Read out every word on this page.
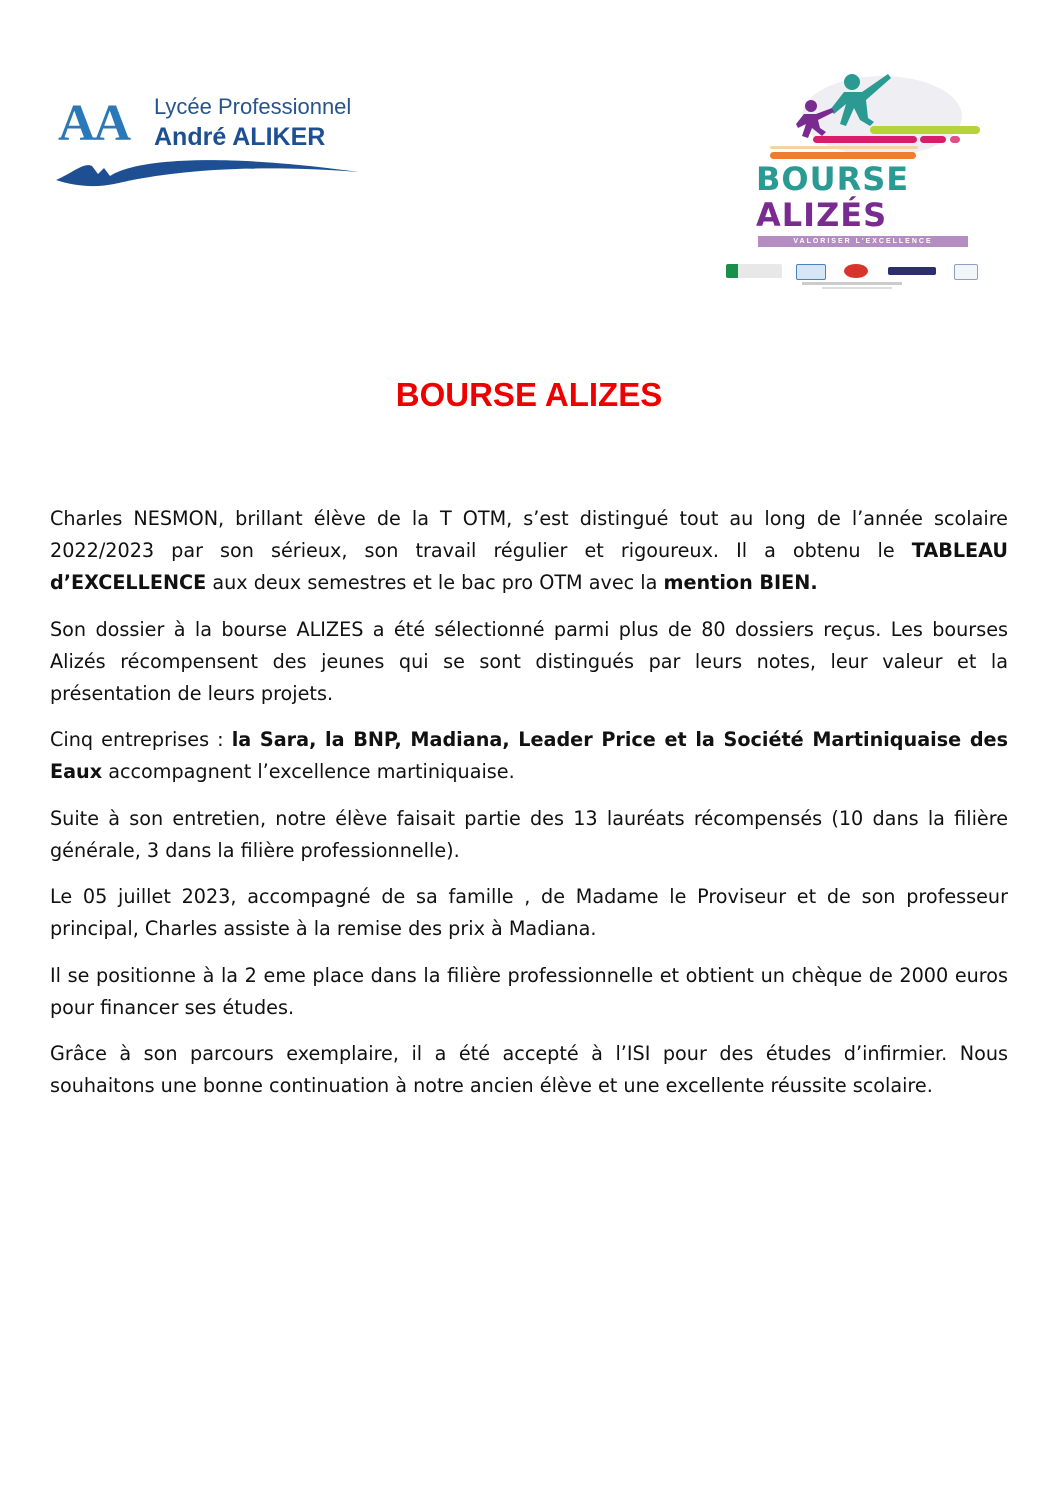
AA	Lycée Professionnel
André ALIKER
BOURSE
ALIZÉS
VALORISER L'EXCELLENCE
BOURSE ALIZES

Charles NESMON, brillant élève de la T OTM, s’est distingué tout au long de l’année scolaire 2022/2023 par son sérieux, son travail régulier et rigoureux. Il a obtenu le TABLEAU d’EXCELLENCE aux deux semestres et le bac pro OTM avec la mention BIEN.

Son dossier à la bourse ALIZES a été sélectionné parmi plus de 80 dossiers reçus. Les bourses Alizés récompensent des jeunes qui se sont distingués par leurs notes, leur valeur et la présentation de leurs projets.

Cinq entreprises : la Sara, la BNP, Madiana, Leader Price et la Société Martiniquaise des Eaux accompagnent l’excellence martiniquaise.

Suite à son entretien, notre élève faisait partie des 13 lauréats récompensés (10 dans la filière générale, 3 dans la filière professionnelle).

Le 05 juillet 2023, accompagné de sa famille , de Madame le Proviseur et de son professeur principal, Charles assiste à la remise des prix à Madiana.

Il se positionne à la 2 eme place dans la filière professionnelle et obtient un chèque de 2000 euros pour financer ses études.

Grâce à son parcours exemplaire, il a été accepté à l’ISI pour des études d’infirmier. Nous souhaitons une bonne continuation à notre ancien élève et une excellente réussite scolaire.
